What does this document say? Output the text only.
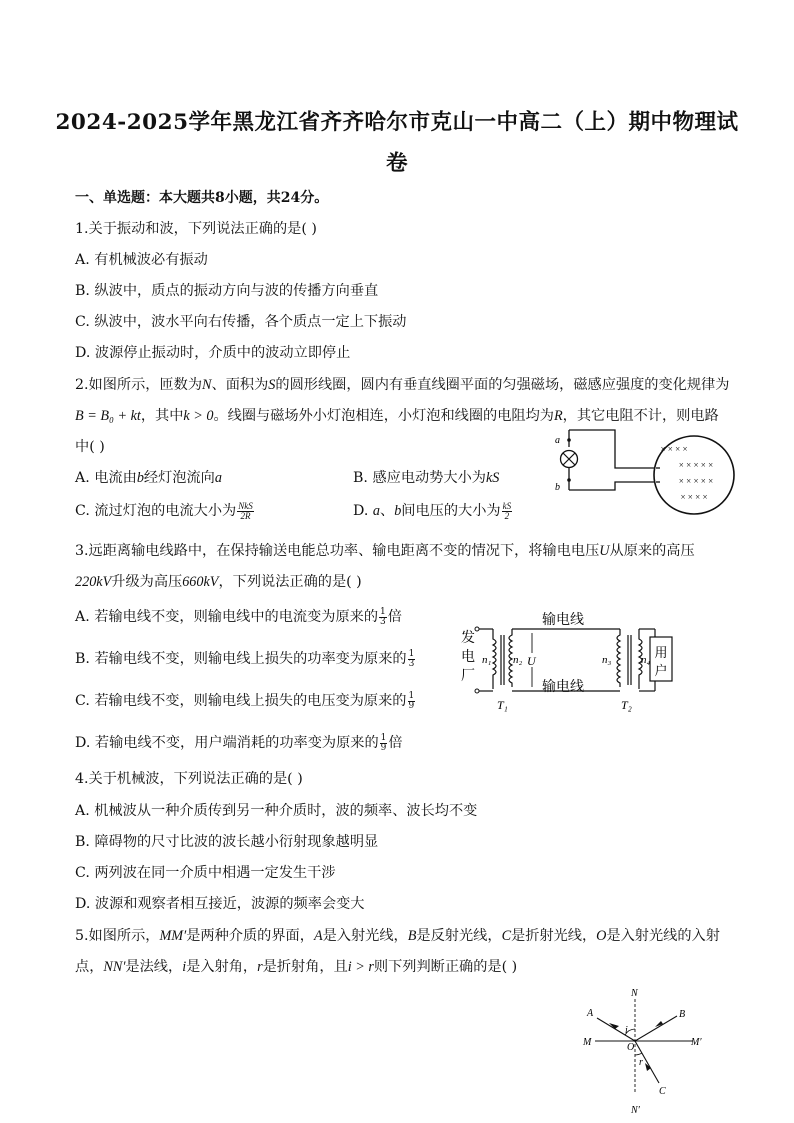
2024-2025学年黑龙江省齐齐哈尔市克山一中高二（上）期中物理试
卷
一、单选题：本大题共8小题，共24分。
1.关于振动和波，下列说法正确的是( )
A. 有机械波必有振动
B. 纵波中，质点的振动方向与波的传播方向垂直
C. 纵波中，波水平向右传播，各个质点一定上下振动
D. 波源停止振动时，介质中的波动立即停止
2.如图所示，匝数为N、面积为S的圆形线圈，圆内有垂直线圈平面的匀强磁场，磁感应强度的变化规律为
B = B₀ + kt，其中k > 0。线圈与磁场外小灯泡相连，小灯泡和线圈的电阻均为R，其它电阻不计，则电路
中( )
A. 电流由b经灯泡流向a	B. 感应电动势大小为kS
C. 流过灯泡的电流大小为 $\frac{\text{NkS}}{2R}$	D. a、b间电压的大小为 $\frac{kS}{2}$
a
b
× × × ×
× × × × ×
× × × × ×
× × × ×
3.远距离输电线路中，在保持输送电能总功率、输电距离不变的情况下，将输电电压U从原来的高压
220kV升级为高压660kV，下列说法正确的是( )
A. 若输电线不变，则输电线中的电流变为原来的 $\frac{1}{3}$ 倍
B. 若输电线不变，则输电线上损失的功率变为原来的 $\frac{1}{3}$
C. 若输电线不变，则输电线上损失的电压变为原来的 $\frac{1}{9}$
D. 若输电线不变，用户端消耗的功率变为原来的 $\frac{1}{9}$ 倍
发
电
厂
输电线
输电线
n₁ n₂
T₁
U	n₃	n₄
T₂
用
户
4.关于机械波，下列说法正确的是( )
A. 机械波从一种介质传到另一种介质时，波的频率、波长均不变
B. 障碍物的尺寸比波的波长越小衍射现象越明显
C. 两列波在同一介质中相遇一定发生干涉
D. 波源和观察者相互接近，波源的频率会变大
5.如图所示，MM′是两种介质的界面，A是入射光线，B是反射光线，C是折射光线，O是入射光线的入射
点，NN′是法线，i是入射角，r是折射角，且i > r则下列判断正确的是( )
N
N′
M	M′
A	B
C
O
i
r
